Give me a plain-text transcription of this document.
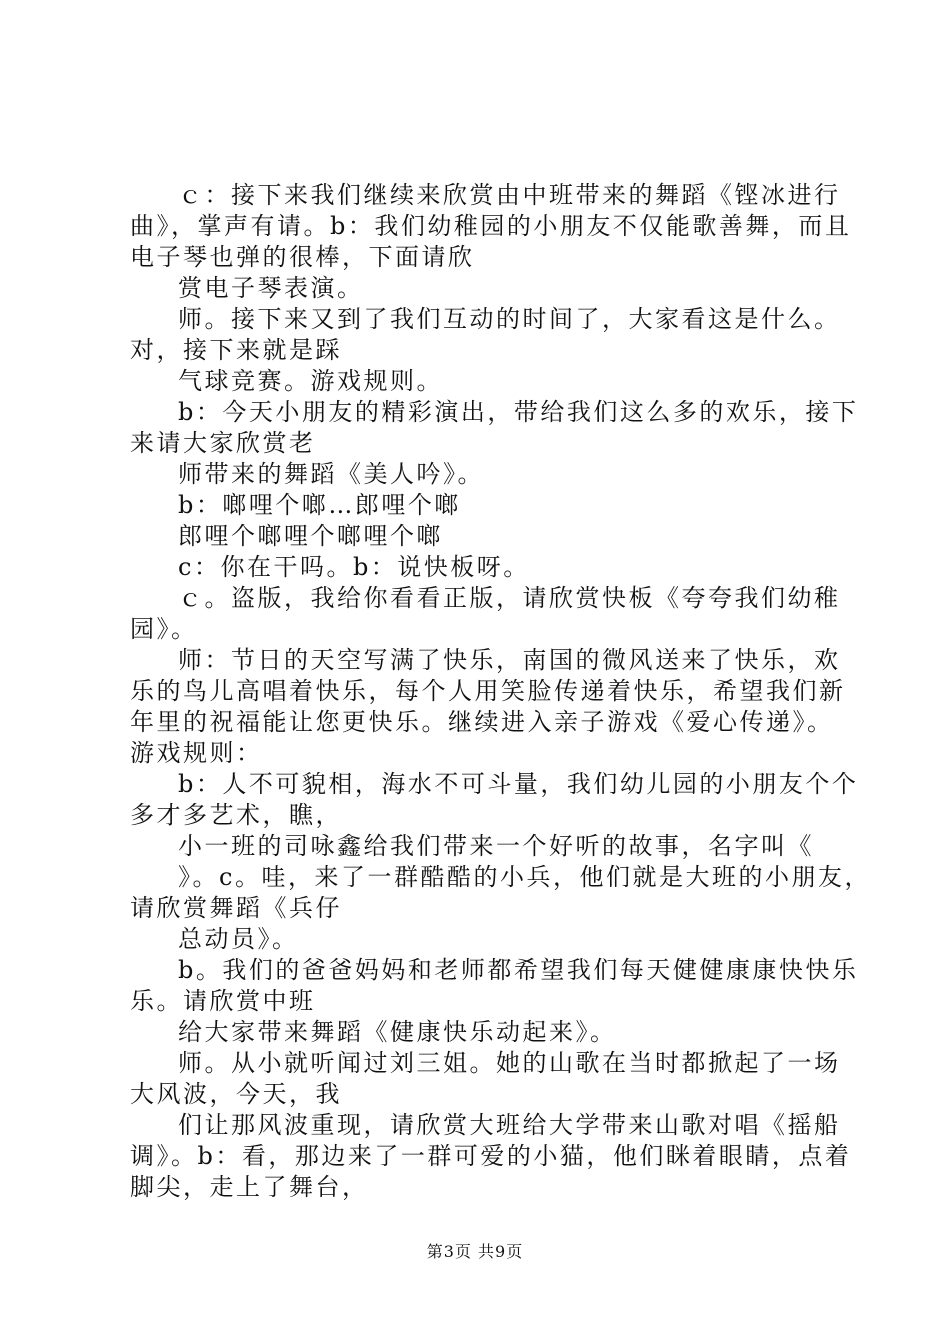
ｃ：接下来我们继续来欣赏由中班带来的舞蹈《铿冰进行
曲》，掌声有请。b：我们幼稚园的小朋友不仅能歌善舞，而且
电子琴也弹的很棒，下面请欣
赏电子琴表演。
师。接下来又到了我们互动的时间了，大家看这是什么。
对，接下来就是踩
气球竞赛。游戏规则。
b：今天小朋友的精彩演出，带给我们这么多的欢乐，接下
来请大家欣赏老
师带来的舞蹈《美人吟》。
b：啷哩个啷…郎哩个啷
郎哩个啷哩个啷哩个啷
c：你在干吗。b：说快板呀。
ｃ。盗版，我给你看看正版，请欣赏快板《夸夸我们幼稚
园》。
师：节日的天空写满了快乐，南国的微风送来了快乐，欢
乐的鸟儿高唱着快乐，每个人用笑脸传递着快乐，希望我们新
年里的祝福能让您更快乐。继续进入亲子游戏《爱心传递》。
游戏规则：
b：人不可貌相，海水不可斗量，我们幼儿园的小朋友个个
多才多艺术，瞧，
小一班的司咏鑫给我们带来一个好听的故事，名字叫《
》。c。哇，来了一群酷酷的小兵，他们就是大班的小朋友，
请欣赏舞蹈《兵仔
总动员》。
b。我们的爸爸妈妈和老师都希望我们每天健健康康快快乐
乐。请欣赏中班
给大家带来舞蹈《健康快乐动起来》。
师。从小就听闻过刘三姐。她的山歌在当时都掀起了一场
大风波，今天，我
们让那风波重现，请欣赏大班给大学带来山歌对唱《摇船
调》。b：看，那边来了一群可爱的小猫，他们眯着眼睛，点着
脚尖，走上了舞台，
第3页 共9页
